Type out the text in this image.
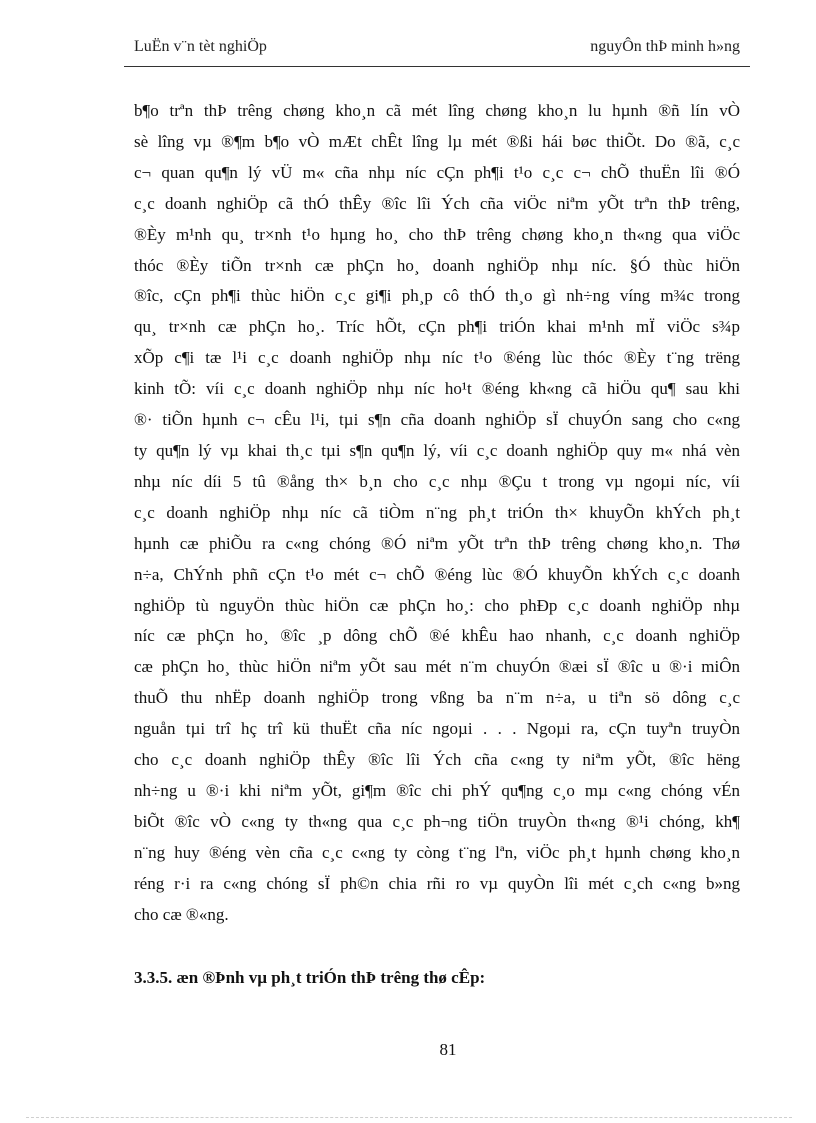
LuËn v¨n tèt nghiÖp	nguyÔn thÞ minh h»ng
b¶o trªn thÞ trêng chøng kho¸n cã mét lîng chøng kho¸n lu hµnh ®ñ lín vÒ
sè lîng vµ ®¶m b¶o vÒ mÆt chÊt lîng lµ mét ®ßi hái bøc thiÕt. Do ®ã, c¸c
c¬ quan qu¶n lý vÜ m« cña nhµ níc cÇn ph¶i t¹o c¸c c¬ chÕ thuËn lîi ®Ó
c¸c doanh nghiÖp cã thÓ thÊy ®îc lîi Ých cña viÖc niªm yÕt trªn thÞ trêng,
®Èy m¹nh qu¸ tr×nh t¹o hµng ho¸ cho thÞ trêng chøng kho¸n th«ng qua viÖc
thóc ®Èy tiÕn tr×nh cæ phÇn ho¸ doanh nghiÖp nhµ níc. §Ó thùc hiÖn
®îc, cÇn ph¶i thùc hiÖn c¸c gi¶i ph¸p cô thÓ th¸o gì nh÷ng víng m¾c trong
qu¸ tr×nh cæ phÇn ho¸. Tríc hÕt, cÇn ph¶i triÓn khai m¹nh mÏ viÖc s¾p
xÕp c¶i tæ l¹i c¸c doanh nghiÖp nhµ níc t¹o ®éng lùc thóc ®Èy t¨ng trëng
kinh tÕ: víi c¸c doanh nghiÖp nhµ níc ho¹t ®éng kh«ng cã hiÖu qu¶ sau khi
®· tiÕn hµnh c¬ cÊu l¹i, tµi s¶n cña doanh nghiÖp sÏ chuyÓn sang cho c«ng
ty qu¶n lý vµ khai th¸c tµi s¶n qu¶n lý, víi c¸c doanh nghiÖp quy m« nhá vèn
nhµ níc díi 5 tû ®ång th× b¸n cho c¸c nhµ ®Çu t trong vµ ngoµi níc, víi
c¸c doanh nghiÖp nhµ níc cã tiÒm n¨ng ph¸t triÓn th× khuyÕn khÝch ph¸t
hµnh cæ phiÕu ra c«ng chóng ®Ó niªm yÕt trªn thÞ trêng chøng kho¸n. Thø
n÷a, ChÝnh phñ cÇn t¹o mét c¬ chÕ ®éng lùc ®Ó khuyÕn khÝch c¸c doanh
nghiÖp tù nguyÖn thùc hiÖn cæ phÇn ho¸: cho phÐp c¸c doanh nghiÖp nhµ
níc cæ phÇn ho¸ ®îc ¸p dông chÕ ®é khÊu hao nhanh, c¸c doanh nghiÖp
cæ phÇn ho¸ thùc hiÖn niªm yÕt sau mét n¨m chuyÓn ®æi sÏ ®îc u ®·i miÔn
thuÕ thu nhËp doanh nghiÖp trong vßng ba n¨m n÷a, u tiªn sö dông c¸c
nguån tµi trî hç trî kü thuËt cña níc ngoµi . . . Ngoµi ra, cÇn tuyªn truyÒn
cho c¸c doanh nghiÖp thÊy ®îc lîi Ých cña c«ng ty niªm yÕt, ®îc hëng
nh÷ng u ®·i khi niªm yÕt, gi¶m ®îc chi phÝ qu¶ng c¸o mµ c«ng chóng vÉn
biÕt ®îc vÒ c«ng ty th«ng qua c¸c ph¬ng tiÖn truyÒn th«ng ®¹i chóng, kh¶
n¨ng huy ®éng vèn cña c¸c c«ng ty còng t¨ng lªn, viÖc ph¸t hµnh chøng kho¸n
réng r·i ra c«ng chóng sÏ ph©n chia rñi ro vµ quyÒn lîi mét c¸ch c«ng b»ng
cho cæ ®«ng.
3.3.5. æn ®Þnh vµ ph¸t triÓn thÞ trêng thø cÊp:
81
